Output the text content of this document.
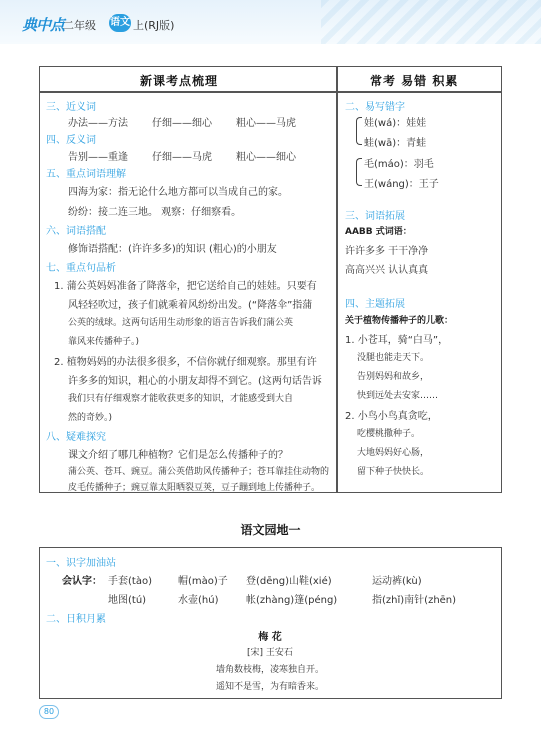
典中点
二年级 语文 上(RJ版)
新课考点梳理	常考 易错 积累
三、近义词
办法——方法 仔细——细心 粗心——马虎
四、反义词
告别——重逢 仔细——马虎 粗心——细心
五、重点词语理解
四海为家：指无论什么地方都可以当成自己的家。
纷纷：接二连三地。 观察：仔细察看。
六、词语搭配
修饰语搭配：(许许多多)的知识 (粗心)的小朋友
七、重点句品析
1. 蒲公英妈妈准备了降落伞，把它送给自己的娃娃。只要有
风轻轻吹过，孩子们就乘着风纷纷出发。(“降落伞”指蒲
公英的绒球。这两句话用生动形象的语言告诉我们蒲公英
靠风来传播种子。)
2. 植物妈妈的办法很多很多，不信你就仔细观察。那里有许
许多多的知识，粗心的小朋友却得不到它。(这两句话告诉
我们只有仔细观察才能收获更多的知识，才能感受到大自
然的奇妙。)
八、疑难探究
课文介绍了哪几种植物？它们是怎么传播种子的？
蒲公英、苍耳、豌豆。蒲公英借助风传播种子；苍耳靠挂住动物的
皮毛传播种子；豌豆靠太阳晒裂豆荚，豆子蹦到地上传播种子。
二、易写错字
娃(wá)：娃娃
蛙(wā)：青蛙
毛(máo)：羽毛
王(wáng)：王子
三、词语拓展
AABB 式词语：
许许多多 干干净净
高高兴兴 认认真真
四、主题拓展
关于植物传播种子的儿歌：
1. 小苍耳，骑“白马”，
没腿也能走天下。
告别妈妈和故乡，
快到远处去安家……
2. 小鸟小鸟真贪吃，
吃樱桃撒种子。
大地妈妈好心肠，
留下种子快快长。
语文园地一
一、识字加油站
会认字： 手套(tào)	帽(mào)子 登(dēng)山鞋(xié)	运动裤(kù)
地图(tú)	水壶(hú)	帐(zhàng)篷(péng)	指(zhǐ)南针(zhēn)
二、日积月累
梅 花
[宋] 王安石
墙角数枝梅，凌寒独自开。
遥知不是雪，为有暗香来。
80
